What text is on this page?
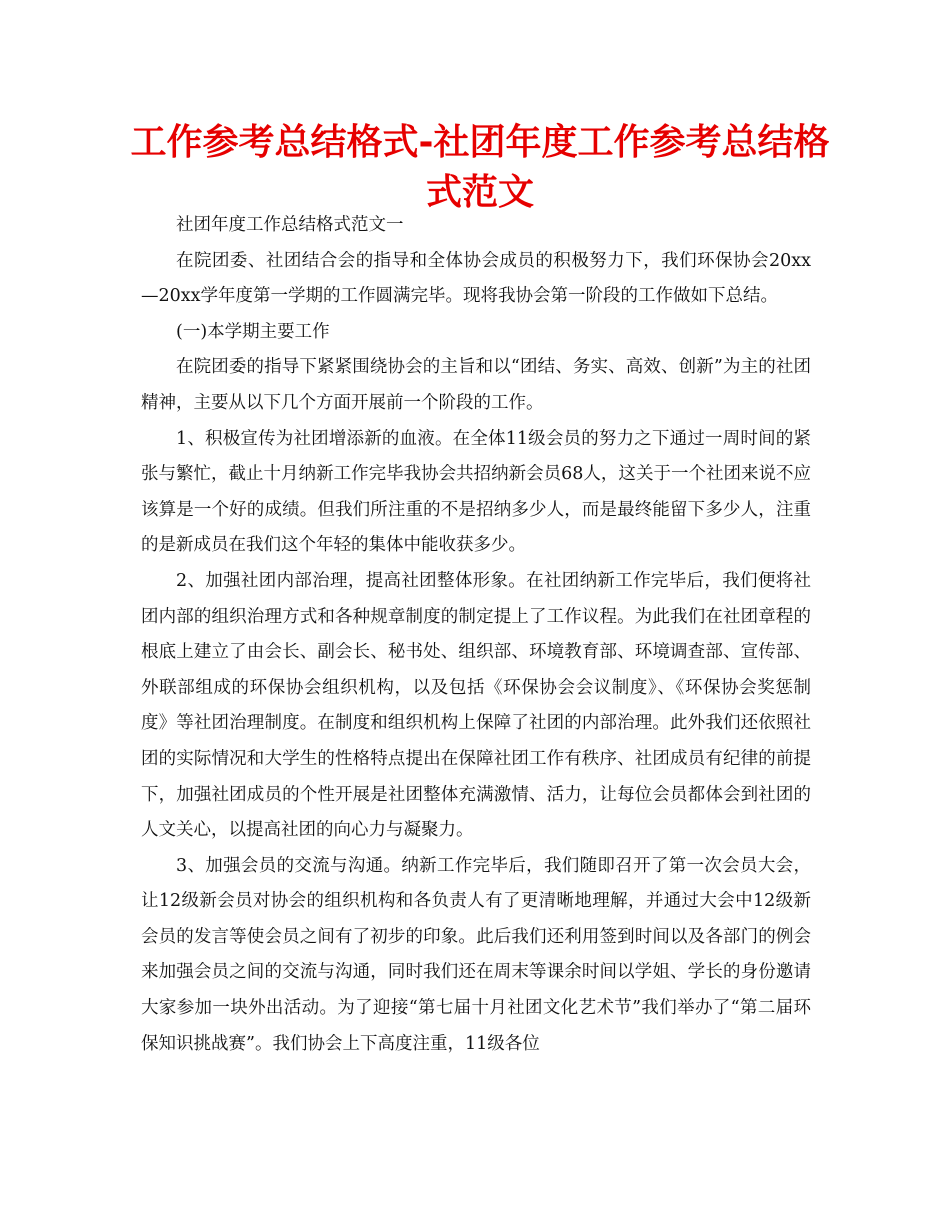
工作参考总结格式-社团年度工作参考总结格式范文

社团年度工作总结格式范文一

在院团委、社团结合会的指导和全体协会成员的积极努力下，我们环保协会20xx—20xx学年度第一学期的工作圆满完毕。现将我协会第一阶段的工作做如下总结。

(一)本学期主要工作

在院团委的指导下紧紧围绕协会的主旨和以“团结、务实、高效、创新”为主的社团精神，主要从以下几个方面开展前一个阶段的工作。

1、积极宣传为社团增添新的血液。在全体11级会员的努力之下通过一周时间的紧张与繁忙，截止十月纳新工作完毕我协会共招纳新会员68人，这关于一个社团来说不应该算是一个好的成绩。但我们所注重的不是招纳多少人，而是最终能留下多少人，注重的是新成员在我们这个年轻的集体中能收获多少。

2、加强社团内部治理，提高社团整体形象。在社团纳新工作完毕后，我们便将社团内部的组织治理方式和各种规章制度的制定提上了工作议程。为此我们在社团章程的根底上建立了由会长、副会长、秘书处、组织部、环境教育部、环境调查部、宣传部、外联部组成的环保协会组织机构，以及包括《环保协会会议制度》、《环保协会奖惩制度》等社团治理制度。在制度和组织机构上保障了社团的内部治理。此外我们还依照社团的实际情况和大学生的性格特点提出在保障社团工作有秩序、社团成员有纪律的前提下，加强社团成员的个性开展是社团整体充满激情、活力，让每位会员都体会到社团的人文关心，以提高社团的向心力与凝聚力。

3、加强会员的交流与沟通。纳新工作完毕后，我们随即召开了第一次会员大会，让12级新会员对协会的组织机构和各负责人有了更清晰地理解，并通过大会中12级新会员的发言等使会员之间有了初步的印象。此后我们还利用签到时间以及各部门的例会来加强会员之间的交流与沟通，同时我们还在周末等课余时间以学姐、学长的身份邀请大家参加一块外出活动。为了迎接“第七届十月社团文化艺术节”我们举办了“第二届环保知识挑战赛”。我们协会上下高度注重，11级各位
